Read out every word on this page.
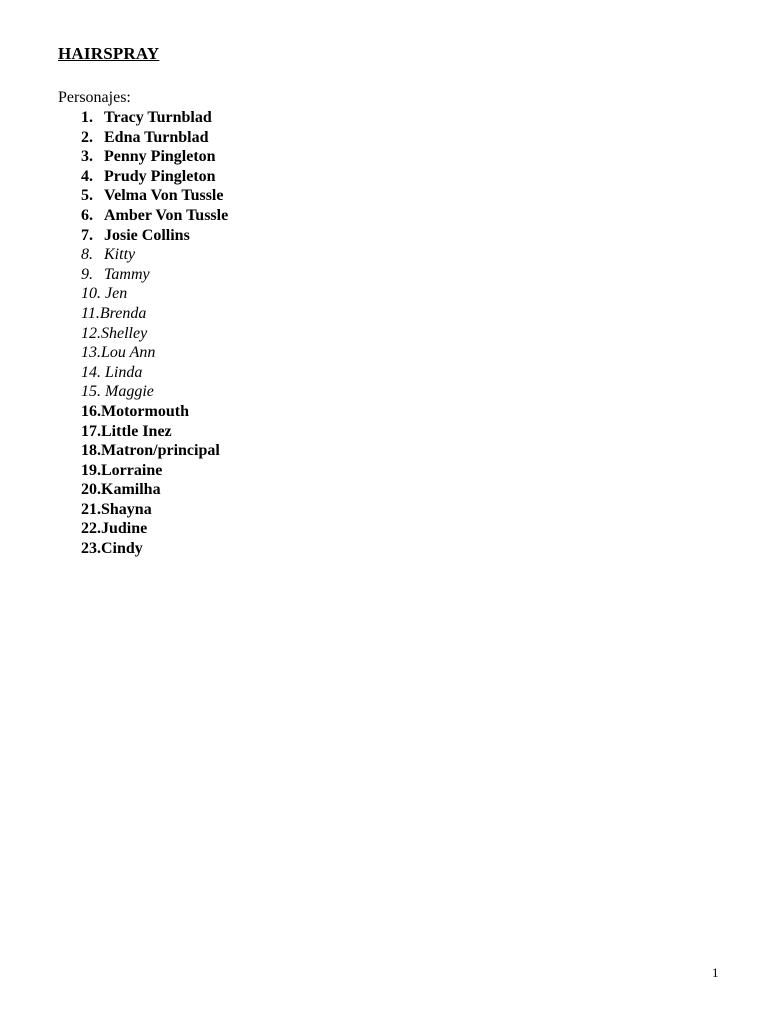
HAIRSPRAY
Personajes:
1. Tracy Turnblad
2. Edna Turnblad
3. Penny Pingleton
4. Prudy Pingleton
5. Velma Von Tussle
6. Amber Von Tussle
7. Josie Collins
8. Kitty
9. Tammy
10. Jen
11.Brenda
12.Shelley
13.Lou Ann
14. Linda
15. Maggie
16.Motormouth
17.Little Inez
18.Matron/principal
19.Lorraine
20.Kamilha
21.Shayna
22.Judine
23.Cindy
1
